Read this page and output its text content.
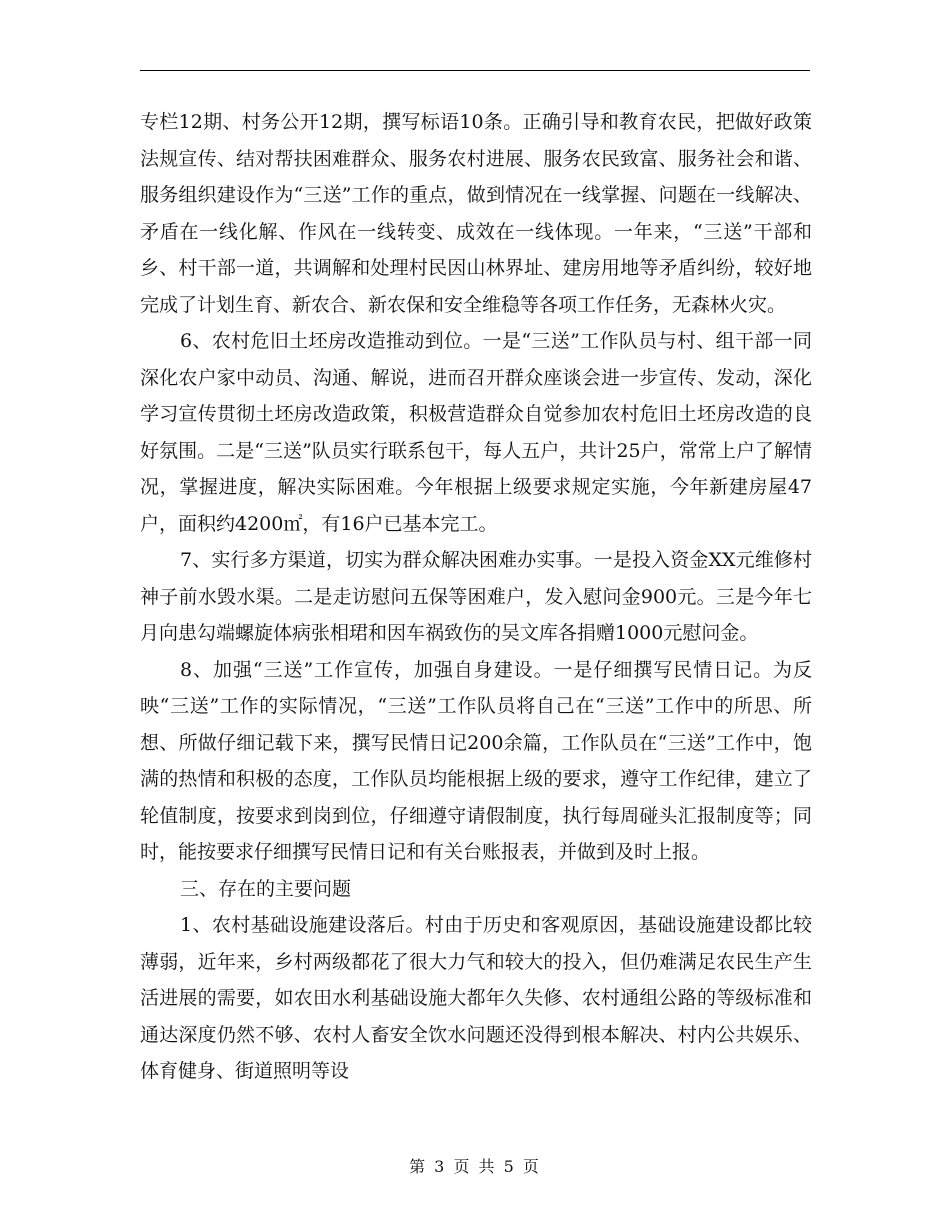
专栏12期、村务公开12期，撰写标语10条。正确引导和教育农民，把做好政策法规宣传、结对帮扶困难群众、服务农村进展、服务农民致富、服务社会和谐、服务组织建设作为“三送”工作的重点，做到情况在一线掌握、问题在一线解决、矛盾在一线化解、作风在一线转变、成效在一线体现。一年来，“三送”干部和乡、村干部一道，共调解和处理村民因山林界址、建房用地等矛盾纠纷，较好地完成了计划生育、新农合、新农保和安全维稳等各项工作任务，无森林火灾。

6、农村危旧土坯房改造推动到位。一是“三送”工作队员与村、组干部一同深化农户家中动员、沟通、解说，进而召开群众座谈会进一步宣传、发动，深化学习宣传贯彻土坯房改造政策，积极营造群众自觉参加农村危旧土坯房改造的良好氛围。二是“三送”队员实行联系包干，每人五户，共计25户，常常上户了解情况，掌握进度，解决实际困难。今年根据上级要求规定实施，今年新建房屋47户，面积约4200㎡，有16户已基本完工。

7、实行多方渠道，切实为群众解决困难办实事。一是投入资金XX元维修村神子前水毁水渠。二是走访慰问五保等困难户，发入慰问金900元。三是今年七月向患勾端螺旋体病张相珺和因车祸致伤的吴文库各捐赠1000元慰问金。

8、加强“三送”工作宣传，加强自身建设。一是仔细撰写民情日记。为反映“三送”工作的实际情况，“三送”工作队员将自己在“三送”工作中的所思、所想、所做仔细记载下来，撰写民情日记200余篇，工作队员在“三送”工作中，饱满的热情和积极的态度，工作队员均能根据上级的要求，遵守工作纪律，建立了轮值制度，按要求到岗到位，仔细遵守请假制度，执行每周碰头汇报制度等；同时，能按要求仔细撰写民情日记和有关台账报表，并做到及时上报。

三、存在的主要问题

1、农村基础设施建设落后。村由于历史和客观原因，基础设施建设都比较薄弱，近年来，乡村两级都花了很大力气和较大的投入，但仍难满足农民生产生活进展的需要，如农田水利基础设施大都年久失修、农村通组公路的等级标准和通达深度仍然不够、农村人畜安全饮水问题还没得到根本解决、村内公共娱乐、体育健身、街道照明等设

第 3 页 共 5 页
